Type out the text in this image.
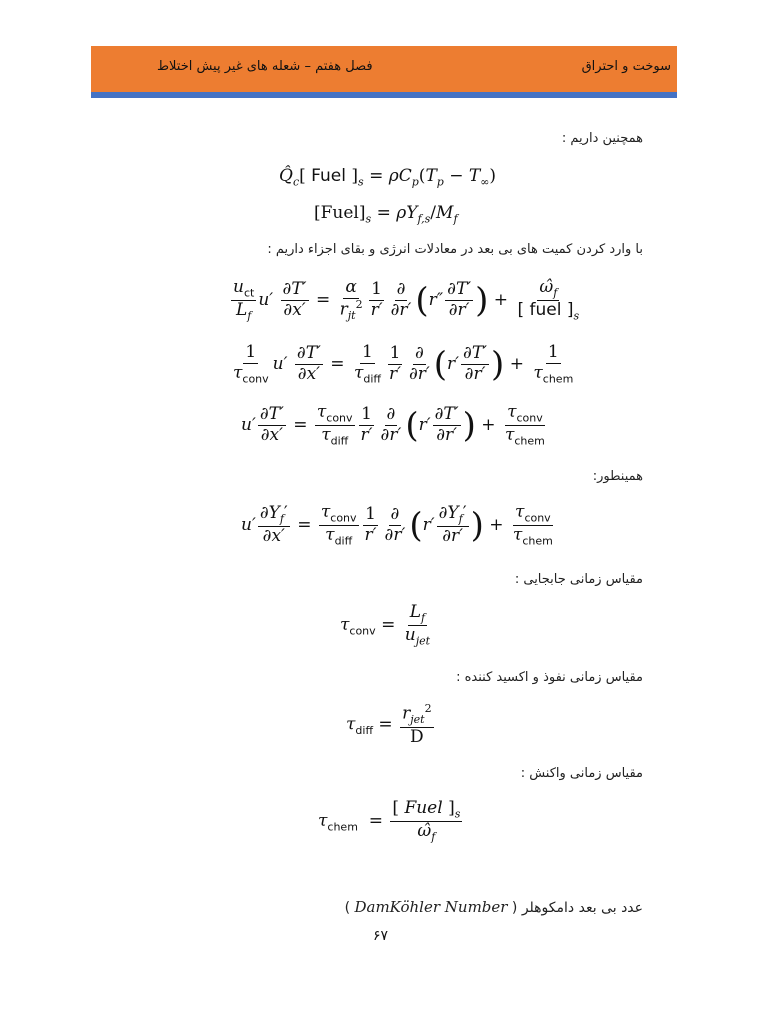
سوخت و احتراق
فصل هفتم – شعله های غیر پیش اختلاط
همچنین داریم :
$Q̂_c$[ Fuel ]$_s = \rho C_p(T_p - T_\infty)$
$[Fuel]_s = \rho Y_{f,s}/M_f$
با وارد کردن کمیت های بی بعد در معادلات انرژی و بقای اجزاء داریم :
$\frac{u_{ct}}{L_f} u' \frac{\partial T'}{\partial x'} = \frac{\alpha}{r_{jt}^2} \frac{1}{r'} \frac{\partial}{\partial r'} (r'' \frac{\partial T'}{\partial r'}$ ) + $\frac{\omegâ_f}{[ fuel ]_s}$
$\frac{1}{\tau_{conv}} u' \frac{\partial T'}{\partial x'} = \frac{1}{\tau_{diff}} \frac{1}{r'} \frac{\partial}{\partial r'} (r' \frac{\partial T'}{\partial r'}$ ) + $\frac{1}{\tau_{chem}}$
$u' \frac{\partial T'}{\partial x'} = \frac{\tau_{conv}}{\tau_{diff}} \frac{1}{r'} \frac{\partial}{\partial r'} (r' \frac{\partial T'}{\partial r'}$ ) + $\frac{\tau_{conv}}{\tau_{chem}}$
همینطور:
$u' \frac{\partial Y_f'}{\partial x'} = \frac{\tau_{conv}}{\tau_{diff}} \frac{1}{r'} \frac{\partial}{\partial r'} (r' \frac{\partial Y_f'}{\partial r'}$ ) + $\frac{\tau_{conv}}{\tau_{chem}}$
مقیاس زمانی جابجایی :
$\tau_{conv} = \frac{L_f}{u_{jet}}$
مقیاس زمانی نفوذ و اکسید کننده :
$\tau_{diff} = \frac{r_{jet}^2}{D}$
مقیاس زمانی واکنش :
$\tau_{chem} = \frac{[ Fuel ]_s}{\omegâ_f}$
عدد بی بعد دامکوهلر ( DamKöhler Number )
۶۷
